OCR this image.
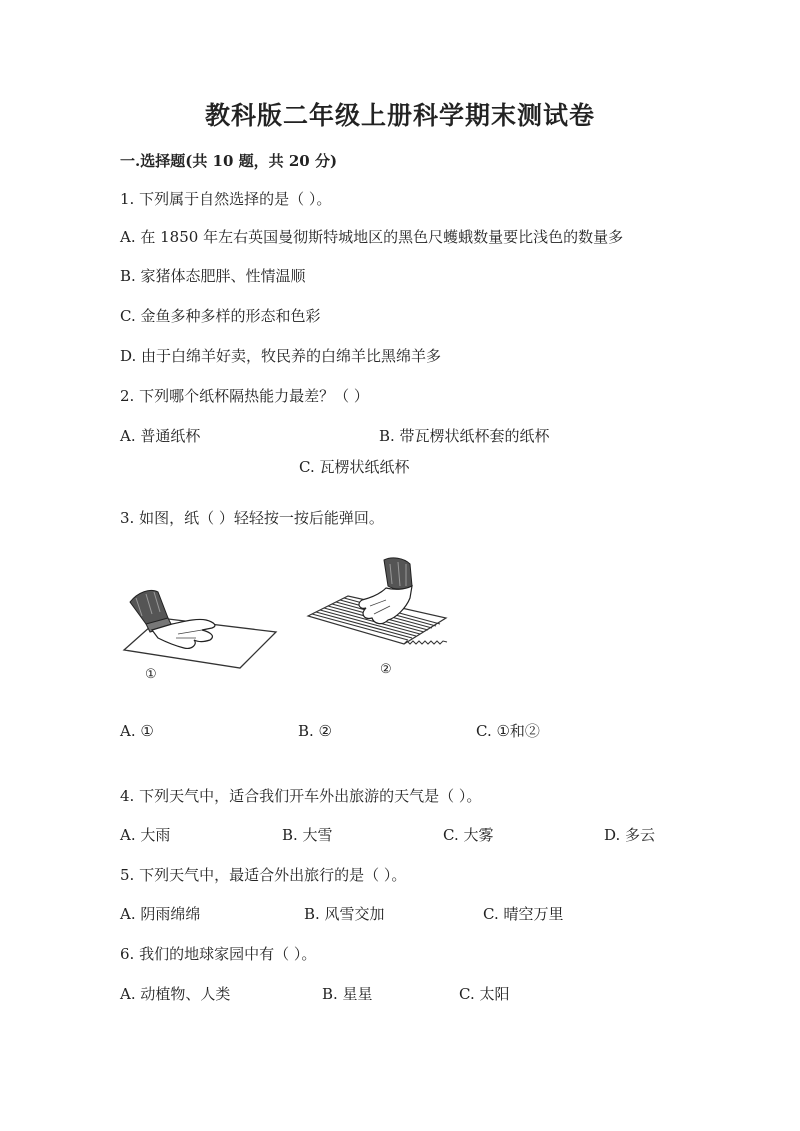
教科版二年级上册科学期末测试卷
一.选择题(共 10 题，共 20 分)
1. 下列属于自然选择的是（ ）。
A. 在 1850 年左右英国曼彻斯特城地区的黑色尺蠖蛾数量要比浅色的数量多
B. 家猪体态肥胖、性情温顺
C. 金鱼多种多样的形态和色彩
D. 由于白绵羊好卖，牧民养的白绵羊比黑绵羊多
2. 下列哪个纸杯隔热能力最差？（ ）
A. 普通纸杯	B. 带瓦楞状纸杯套的纸杯
C. 瓦楞状纸纸杯
3. 如图，纸（ ）轻轻按一按后能弹回。
①	②
A. ①	B. ②	C. ①和②
4. 下列天气中，适合我们开车外出旅游的天气是（ ）。
A. 大雨	B. 大雪	C. 大雾	D. 多云
5. 下列天气中，最适合外出旅行的是（ ）。
A. 阴雨绵绵	B. 风雪交加	C. 晴空万里
6. 我们的地球家园中有（ ）。
A. 动植物、人类	B. 星星	C. 太阳
